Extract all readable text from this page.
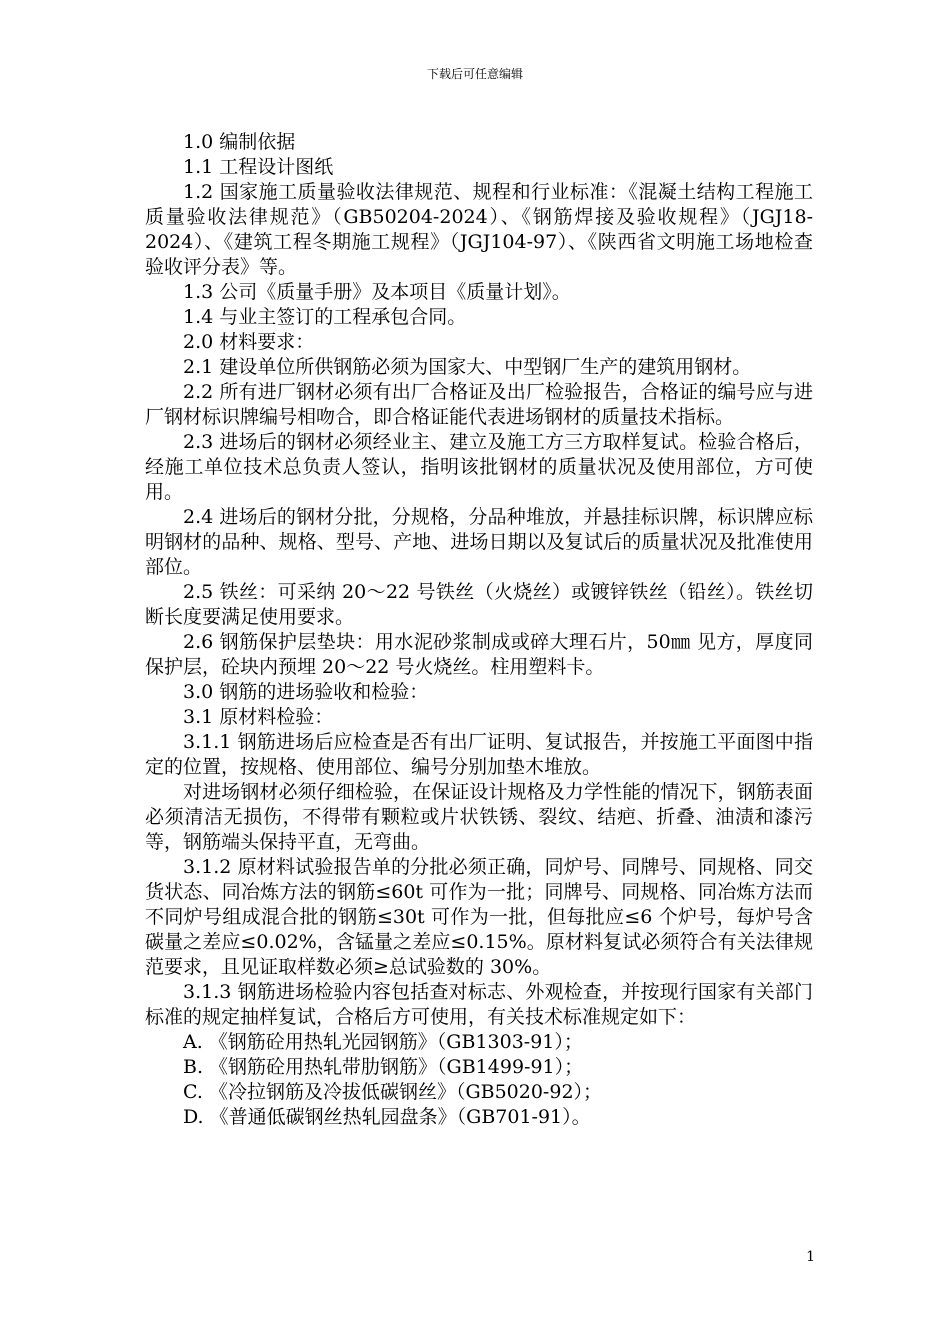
下载后可任意编辑

1.0 编制依据

1.1 工程设计图纸

1.2 国家施工质量验收法律规范、规程和行业标准：《混凝土结构工程施工质量验收法律规范》（GB50204-2024）、《钢筋焊接及验收规程》（JGJ18-2024）、《建筑工程冬期施工规程》（JGJ104-97）、《陕西省文明施工场地检查验收评分表》等。

1.3 公司《质量手册》及本项目《质量计划》。

1.4 与业主签订的工程承包合同。

2.0 材料要求：

2.1 建设单位所供钢筋必须为国家大、中型钢厂生产的建筑用钢材。

2.2 所有进厂钢材必须有出厂合格证及出厂检验报告，合格证的编号应与进厂钢材标识牌编号相吻合，即合格证能代表进场钢材的质量技术指标。

2.3 进场后的钢材必须经业主、建立及施工方三方取样复试。检验合格后，经施工单位技术总负责人签认，指明该批钢材的质量状况及使用部位，方可使用。

2.4 进场后的钢材分批，分规格，分品种堆放，并悬挂标识牌，标识牌应标明钢材的品种、规格、型号、产地、进场日期以及复试后的质量状况及批准使用部位。

2.5 铁丝：可采纳 20～22 号铁丝（火烧丝）或镀锌铁丝（铅丝）。铁丝切断长度要满足使用要求。

2.6 钢筋保护层垫块：用水泥砂浆制成或碎大理石片，50㎜ 见方，厚度同保护层，砼块内预埋 20～22 号火烧丝。柱用塑料卡。

3.0 钢筋的进场验收和检验：

3.1 原材料检验：

3.1.1 钢筋进场后应检查是否有出厂证明、复试报告，并按施工平面图中指定的位置，按规格、使用部位、编号分别加垫木堆放。

对进场钢材必须仔细检验，在保证设计规格及力学性能的情况下，钢筋表面必须清洁无损伤，不得带有颗粒或片状铁锈、裂纹、结疤、折叠、油渍和漆污等，钢筋端头保持平直，无弯曲。

3.1.2 原材料试验报告单的分批必须正确，同炉号、同牌号、同规格、同交货状态、同冶炼方法的钢筋≤60t 可作为一批；同牌号、同规格、同冶炼方法而不同炉号组成混合批的钢筋≤30t 可作为一批，但每批应≤6 个炉号，每炉号含碳量之差应≤0.02%，含锰量之差应≤0.15%。原材料复试必须符合有关法律规范要求，且见证取样数必须≥总试验数的 30%。

3.1.3 钢筋进场检验内容包括查对标志、外观检查，并按现行国家有关部门标准的规定抽样复试，合格后方可使用，有关技术标准规定如下：

A. 《钢筋砼用热轧光园钢筋》（GB1303-91）；

B. 《钢筋砼用热轧带肋钢筋》（GB1499-91）；

C. 《冷拉钢筋及冷拔低碳钢丝》（GB5020-92）；

D. 《普通低碳钢丝热轧园盘条》（GB701-91）。

1
